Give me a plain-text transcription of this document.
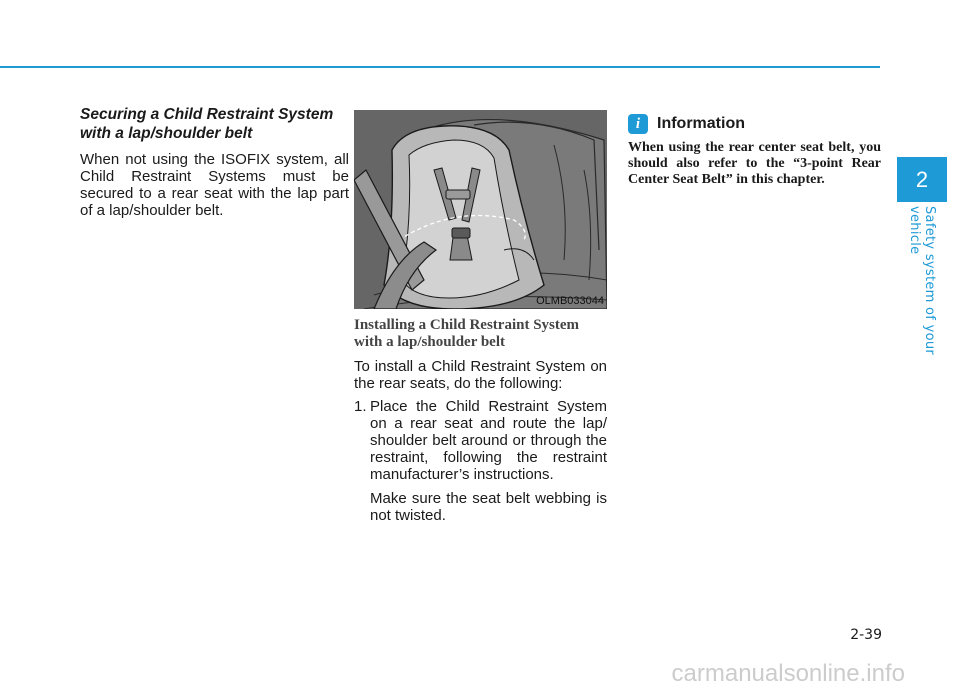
Securing a Child Restraint System with a lap/shoulder belt

When not using the ISOFIX system, all Child Restraint Systems must be secured to a rear seat with the lap part of a lap/shoulder belt.

OLMB033044
Installing a Child Restraint System with a lap/shoulder belt

To install a Child Restraint System on the rear seats, do the following:

1. Place the Child Restraint System on a rear seat and route the lap/ shoulder belt around or through the restraint, following the restraint manufacturer’s instructions.

Make sure the seat belt webbing is not twisted.

i	Information

When using the rear center seat belt, you should also refer to the “3-point Rear Center Seat Belt” in this chapter.	2
Safety system of your vehicle
2-39
carmanualsonline.info
